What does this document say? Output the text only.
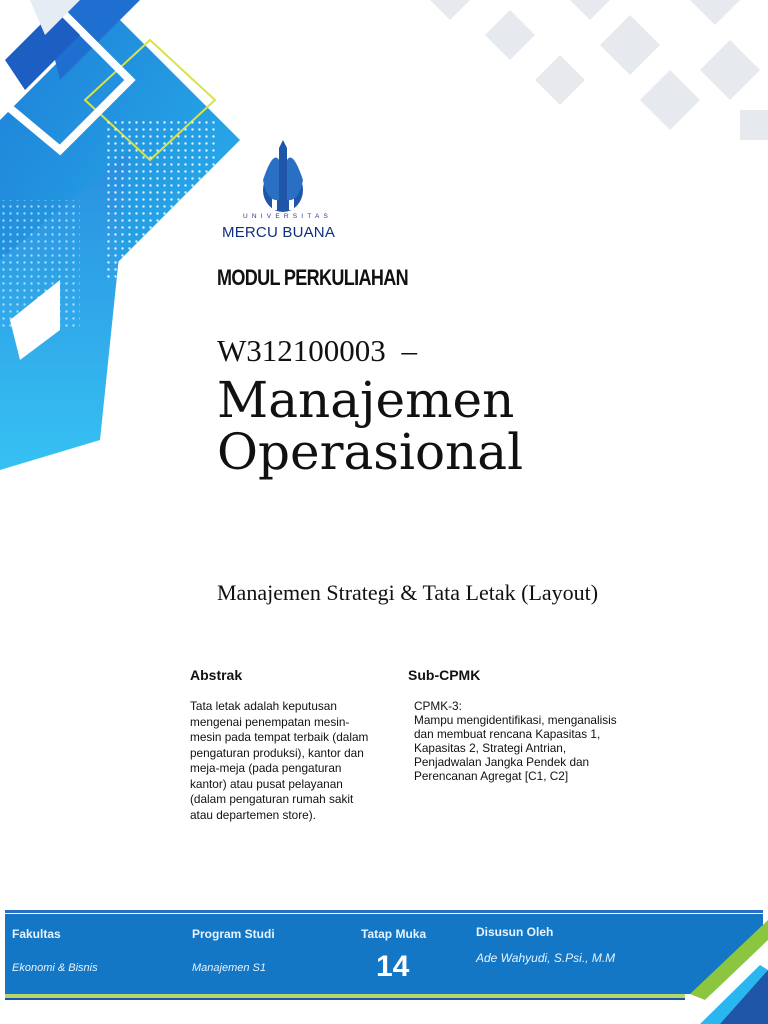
UNIVERSITAS
MERCU BUANA
MODUL PERKULIAHAN
W312100003 –
Manajemen
Operasional
Manajemen Strategi & Tata Letak (Layout)
Abstrak
Tata letak adalah keputusan
mengenai penempatan mesin-
mesin pada tempat terbaik (dalam
pengaturan produksi), kantor dan
meja-meja (pada pengaturan
kantor) atau pusat pelayanan
(dalam pengaturan rumah sakit
atau departemen store).
Sub-CPMK
CPMK-3:
Mampu mengidentifikasi, menganalisis
dan membuat rencana Kapasitas 1,
Kapasitas 2, Strategi Antrian,
Penjadwalan Jangka Pendek dan
Perencanan Agregat [C1, C2]
Fakultas
Ekonomi & Bisnis
Program Studi
Manajemen S1
Tatap Muka
14
Disusun Oleh
Ade Wahyudi, S.Psi., M.M
